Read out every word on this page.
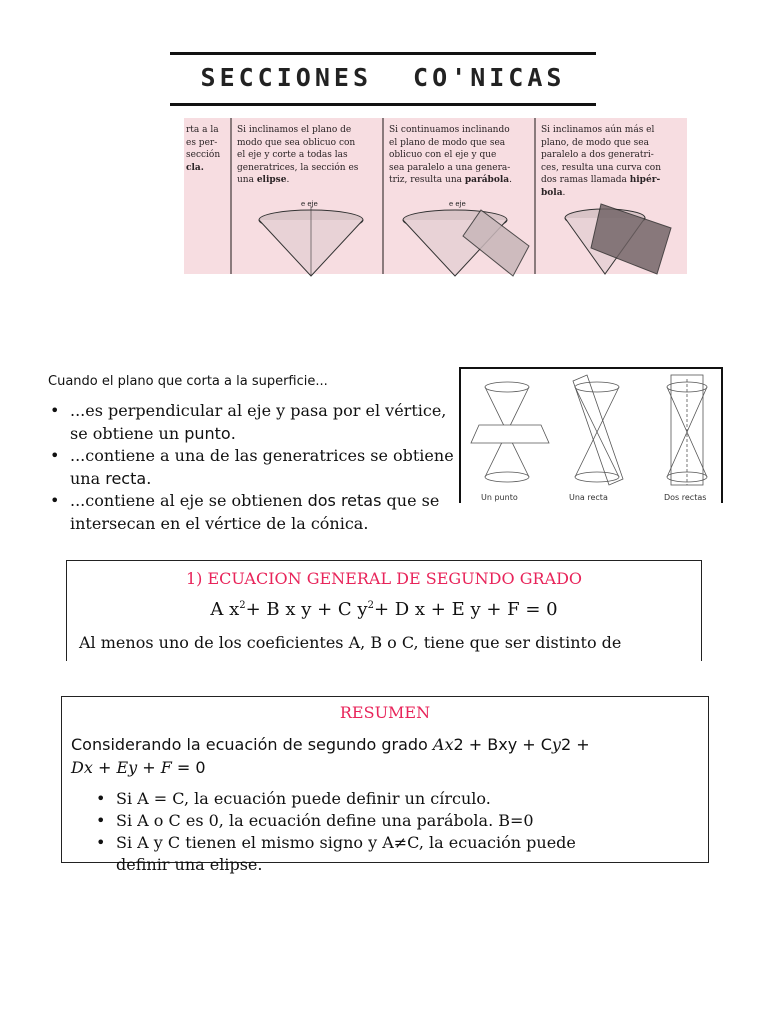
SECCIONES CO'NICAS
rta a la
es per-
sección
cla.
Si inclinamos el plano de
modo que sea oblicuo con
el eje y corte a todas las
generatrices, la sección es
una elipse.
e eje
Si continuamos inclinando
el plano de modo que sea
oblicuo con el eje y que
sea paralelo a una genera-
triz, resulta una parábola.
e eje
Si inclinamos aún más el
plano, de modo que sea
paralelo a dos generatri-
ces, resulta una curva con
dos ramas llamada hipér-
bola.
Cuando el plano que corta a la superficie...
• ...es perpendicular al eje y pasa por el vértice, se obtiene un punto.
• ...contiene a una de las generatrices se obtiene una recta.
• ...contiene al eje se obtienen dos retas que se intersecan en el vértice de la cónica.
Un punto	Una recta	Dos rectas
1) ECUACION GENERAL DE SEGUNDO GRADO
A $x^2+ B$ x y + C $y^2+ D$ x + E y + F = 0
Al menos uno de los coeficientes A, B o C, tiene que ser distinto de
RESUMEN
Considerando la ecuación de segundo grado Ax2 + Bxy + Cy2 +
Dx + Ey + F = 0
• Si A = C, la ecuación puede definir un círculo.
• Si A o C es 0, la ecuación define una parábola. B=0
• Si A y C tienen el mismo signo y A≠C, la ecuación puede
definir una elipse.
